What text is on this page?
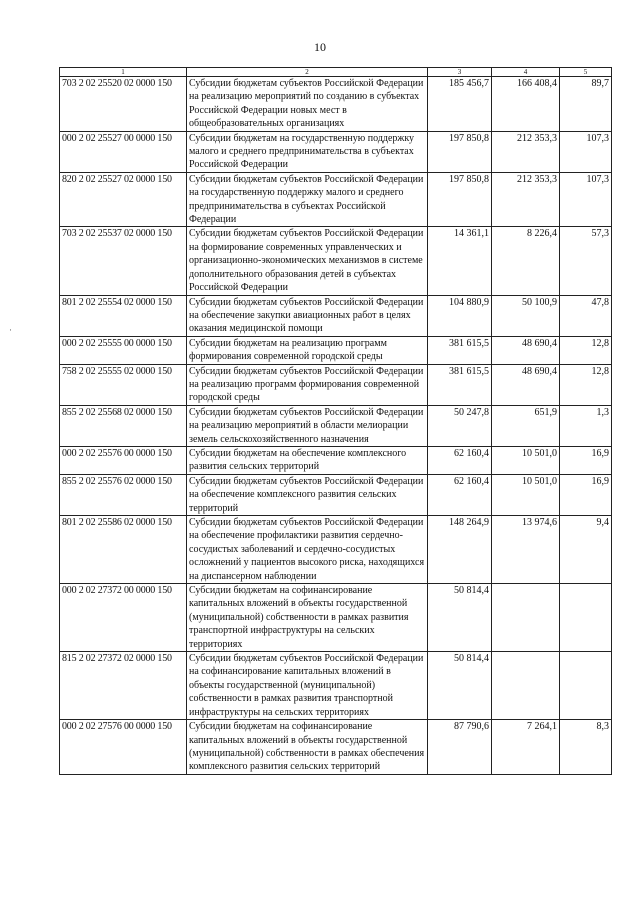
10
1	2	3	4	5
703 2 02 25520 02 0000 150	Субсидии бюджетам субъектов Российской Федерации на реализацию мероприятий по созданию в субъектах Российской Федерации новых мест в общеобразовательных организациях	185 456,7	166 408,4	89,7
000 2 02 25527 00 0000 150	Субсидии бюджетам на государственную поддержку малого и среднего предпринимательства в субъектах Российской Федерации	197 850,8	212 353,3	107,3
820 2 02 25527 02 0000 150	Субсидии бюджетам субъектов Российской Федерации на государственную поддержку малого и среднего предпринимательства в субъектах Российской Федерации	197 850,8	212 353,3	107,3
703 2 02 25537 02 0000 150	Субсидии бюджетам субъектов Российской Федерации на формирование современных управленческих и организационно-экономических механизмов в системе дополнительного образования детей в субъектах Российской Федерации	14 361,1	8 226,4	57,3
801 2 02 25554 02 0000 150	Субсидии бюджетам субъектов Российской Федерации на обеспечение закупки авиационных работ в целях оказания медицинской помощи	104 880,9	50 100,9	47,8
000 2 02 25555 00 0000 150	Субсидии бюджетам на реализацию программ формирования современной городской среды	381 615,5	48 690,4	12,8
758 2 02 25555 02 0000 150	Субсидии бюджетам субъектов Российской Федерации на реализацию программ формирования современной городской среды	381 615,5	48 690,4	12,8
855 2 02 25568 02 0000 150	Субсидии бюджетам субъектов Российской Федерации на реализацию мероприятий в области мелиорации земель сельскохозяйственного назначения	50 247,8	651,9	1,3
000 2 02 25576 00 0000 150	Субсидии бюджетам на обеспечение комплексного развития сельских территорий	62 160,4	10 501,0	16,9
855 2 02 25576 02 0000 150	Субсидии бюджетам субъектов Российской Федерации на обеспечение комплексного развития сельских территорий	62 160,4	10 501,0	16,9
801 2 02 25586 02 0000 150	Субсидии бюджетам субъектов Российской Федерации на обеспечение профилактики развития сердечно-сосудистых заболеваний и сердечно-сосудистых осложнений у пациентов высокого риска, находящихся на диспансерном наблюдении	148 264,9	13 974,6	9,4
000 2 02 27372 00 0000 150	Субсидии бюджетам на софинансирование капитальных вложений в объекты государственной (муниципальной) собственности в рамках развития транспортной инфраструктуры на сельских территориях	50 814,4		
815 2 02 27372 02 0000 150	Субсидии бюджетам субъектов Российской Федерации на софинансирование капитальных вложений в объекты государственной (муниципальной) собственности в рамках развития транспортной инфраструктуры на сельских территориях	50 814,4		
000 2 02 27576 00 0000 150	Субсидии бюджетам на софинансирование капитальных вложений в объекты государственной (муниципальной) собственности в рамках обеспечения комплексного развития сельских территорий	87 790,6	7 264,1	8,3
·
